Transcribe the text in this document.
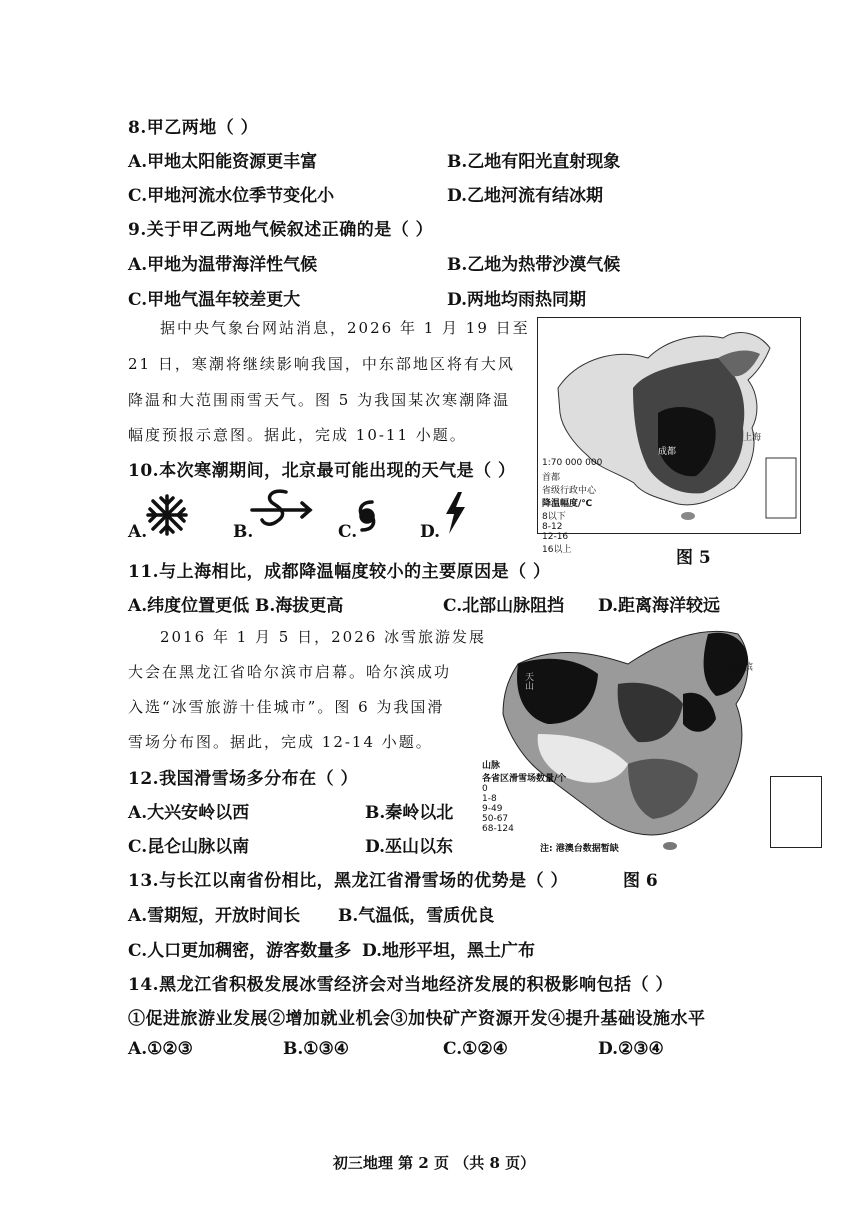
8.甲乙两地（ ）
A.甲地太阳能资源更丰富	B.乙地有阳光直射现象
C.甲地河流水位季节变化小	D.乙地河流有结冰期
9.关于甲乙两地气候叙述正确的是（ ）
A.甲地为温带海洋性气候	B.乙地为热带沙漠气候
C.甲地气温年较差更大	D.两地均雨热同期
据中央气象台网站消息，2026 年 1 月 19 日至
21 日，寒潮将继续影响我国，中东部地区将有大风
降温和大范围雨雪天气。图 5 为我国某次寒潮降温
幅度预报示意图。据此，完成 10-11 小题。
10.本次寒潮期间，北京最可能出现的天气是（ ）
A.	B.	C.	D.
11.与上海相比，成都降温幅度较小的主要原因是（ ）
A.纬度位置更低 B.海拔更高	C.北部山脉阻挡 D.距离海洋较远
2016 年 1 月 5 日，2026 冰雪旅游发展
大会在黑龙江省哈尔滨市启幕。哈尔滨成功
入选“冰雪旅游十佳城市”。图 6 为我国滑
雪场分布图。据此，完成 12-14 小题。
12.我国滑雪场多分布在（ ）
A.大兴安岭以西	B.秦岭以北
C.昆仑山脉以南	D.巫山以东
13.与长江以南省份相比，黑龙江省滑雪场的优势是（ ）
A.雪期短，开放时间长 B.气温低，雪质优良
C.人口更加稠密，游客数量多 D.地形平坦，黑土广布
14.黑龙江省积极发展冰雪经济会对当地经济发展的积极影响包括（ ）
①促进旅游业发展②增加就业机会③加快矿产资源开发④提升基础设施水平
A.①②③	B.①③④	C.①②④	D.②③④
上海
成都
1:70 000 000
首都
省级行政中心
降温幅度/℃
8以下
8-12
12-16
16以上	图 5
哈尔滨
天山
山脉
各省区滑雪场数量/个
0
1-8
9-49
50-67
68-124
注: 港澳台数据暂缺
图 6
初三地理 第 2 页 （共 8 页）
